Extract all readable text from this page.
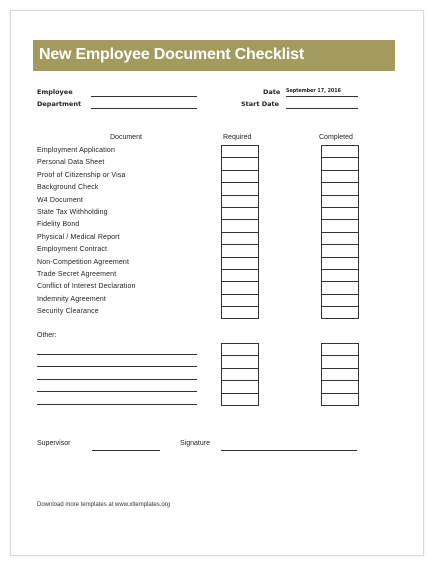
New Employee Document Checklist
Employee
Department
Date September 17, 2016
Start Date
Document	Required	Completed
Employment Application
Personal Data Sheet
Proof of Citizenship or Visa
Background Check
W4 Document
State Tax Withholding
Fidelity Bond
Physical / Medical Report
Employment Contract
Non-Competition Agreement
Trade Secret Agreement
Conflict of Interest Declaration
Indemnity Agreement
Security Clearance
Other:
Supervisor	Signature
Download more templates at www.xltemplates.org
